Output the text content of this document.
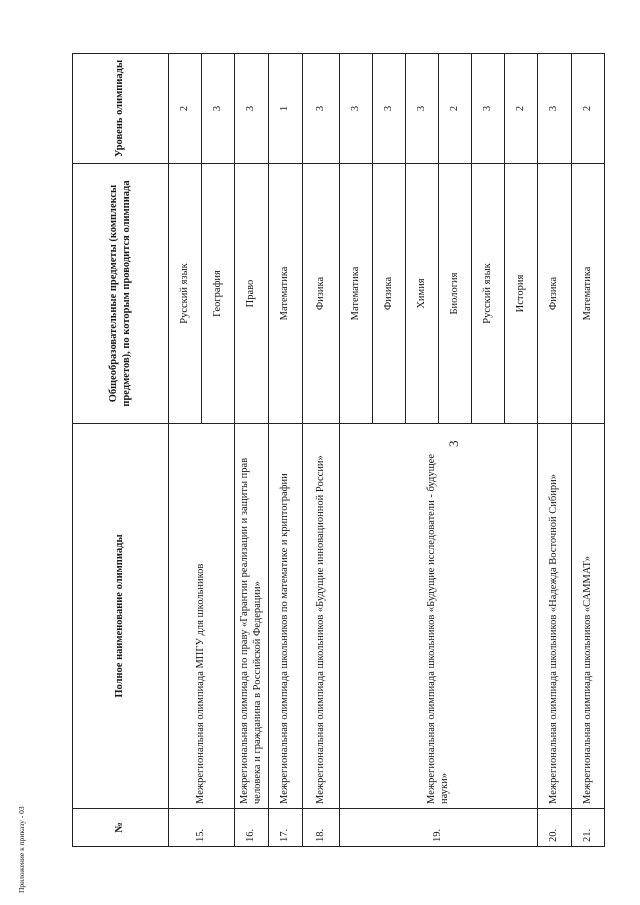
3
Приложение к приказу - 03	№	Полное наименование олимпиады	Общеобразовательные предметы (комплексы предметов), по которым проводится олимпиада	Уровень олимпиады
15.	Межрегиональная олимпиада МПГУ для школьников	Русский язык	2
		География	3
16.	Межрегиональная олимпиада по праву «Гарантии реализации и защиты прав человека и гражданина в Российской Федерации»	Право	3
17.	Межрегиональная олимпиада школьников по математике и криптографии	Математика	1
18.	Межрегиональная олимпиада школьников «Будущие инновационной России»	Физика	3
19.	Межрегиональная олимпиада школьников «Будущие исследователи - будущее науки»	Математика	3
		Физика	3
		Химия	3
		Биология	2
		Русский язык	3
		История	2
20.	Межрегиональная олимпиада школьников «Надежда Восточной Сибири»	Физика	3
21.	Межрегиональная олимпиада школьников «САММАТ»	Математика	2
